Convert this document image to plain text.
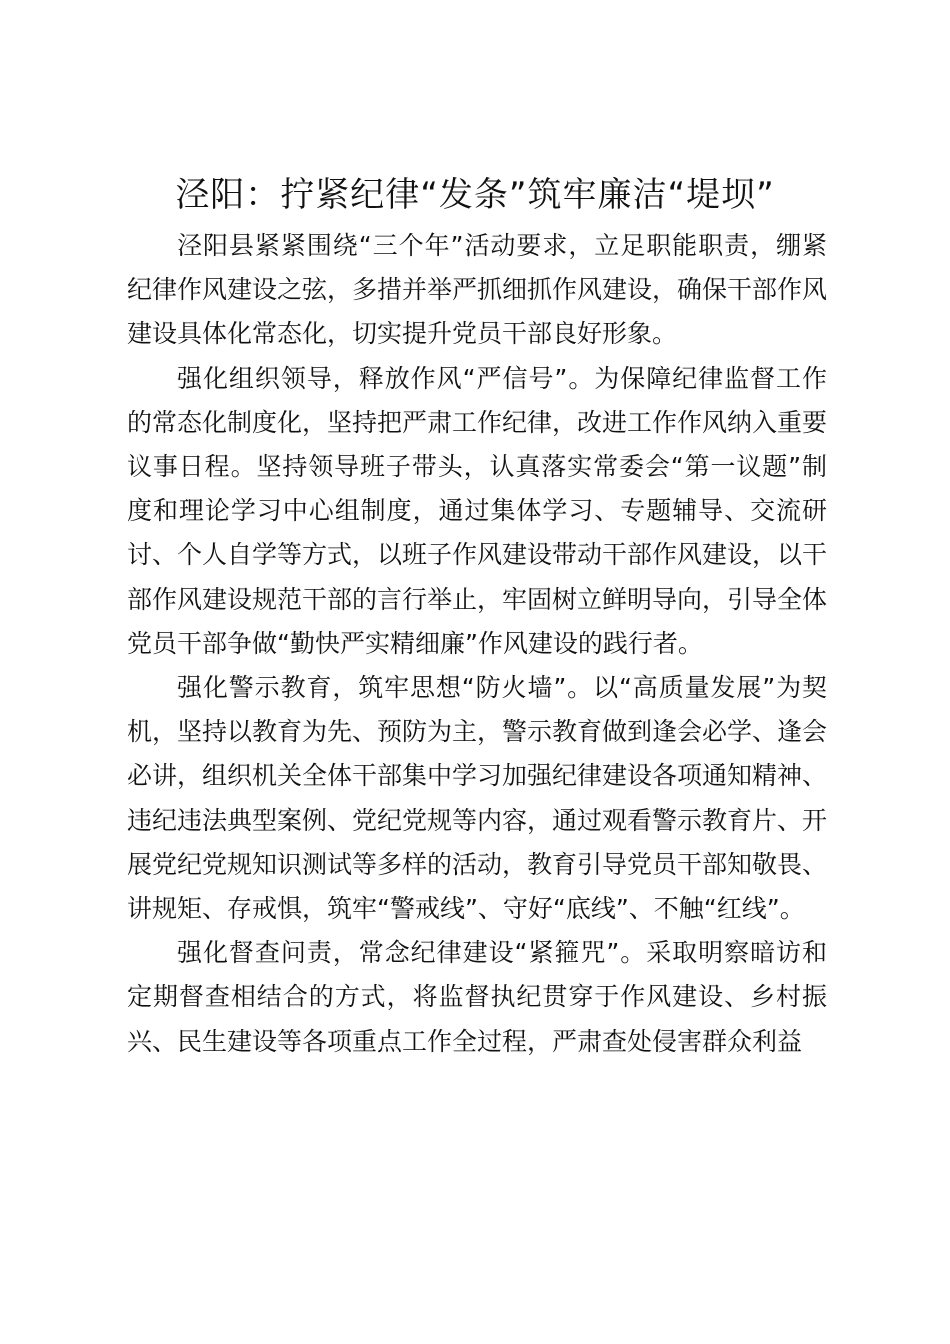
泾阳：拧紧纪律“发条”筑牢廉洁“堤坝”

泾阳县紧紧围绕“三个年”活动要求，立足职能职责，绷紧纪律作风建设之弦，多措并举严抓细抓作风建设，确保干部作风建设具体化常态化，切实提升党员干部良好形象。

强化组织领导，释放作风“严信号”。为保障纪律监督工作的常态化制度化，坚持把严肃工作纪律，改进工作作风纳入重要议事日程。坚持领导班子带头，认真落实常委会“第一议题”制度和理论学习中心组制度，通过集体学习、专题辅导、交流研讨、个人自学等方式，以班子作风建设带动干部作风建设，以干部作风建设规范干部的言行举止，牢固树立鲜明导向，引导全体党员干部争做“勤快严实精细廉”作风建设的践行者。

强化警示教育，筑牢思想“防火墙”。以“高质量发展”为契机，坚持以教育为先、预防为主，警示教育做到逢会必学、逢会必讲，组织机关全体干部集中学习加强纪律建设各项通知精神、违纪违法典型案例、党纪党规等内容，通过观看警示教育片、开展党纪党规知识测试等多样的活动，教育引导党员干部知敬畏、讲规矩、存戒惧，筑牢“警戒线”、守好“底线”、不触“红线”。

强化督查问责，常念纪律建设“紧箍咒”。采取明察暗访和定期督查相结合的方式，将监督执纪贯穿于作风建设、乡村振兴、民生建设等各项重点工作全过程，严肃查处侵害群众利益
